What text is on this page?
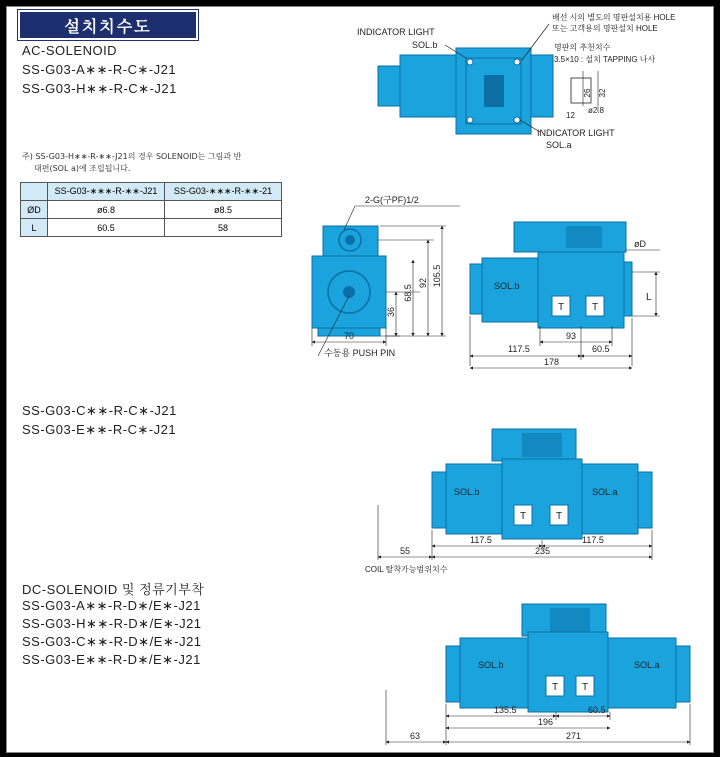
설치치수도
AC-SOLENOID
SS-G03-A∗∗-R-C∗-J21
SS-G03-H∗∗-R-C∗-J21
주) SS-G03-H∗∗-R-∗∗-J21의 경우 SOLENOID는 그림과 반
대편(SOL a)에 조립됩니다.
	SS-G03-∗∗∗-R-∗∗-J21	SS-G03-∗∗∗-R-∗∗-21
ØD	ø6.8	ø8.5
L	60.5	58
SS-G03-C∗∗-R-C∗-J21
SS-G03-E∗∗-R-C∗-J21
DC-SOLENOID 및 정류기부착
SS-G03-A∗∗-R-D∗/E∗-J21
SS-G03-H∗∗-R-D∗/E∗-J21
SS-G03-C∗∗-R-D∗/E∗-J21
SS-G03-E∗∗-R-D∗/E∗-J21
INDICATOR LIGHT
SOL.b
INDICATOR LIGHT
SOL.a
배선 시의 별도의 명판설치용 HOLE
또는 고객용의 명판설치 HOLE
명판의 추천치수
3.5×10 : 설치 TAPPING 나사
26 32
12
ø2.8
2-G(구PF)1/2
수동용 PUSH PIN
36
68.5
92 105.5
70
T	T
SOL.b
øD
L
93
117.5	60.5
178
T	T
SOL.b	SOL.a
117.5	117.5
55	235
COIL 탈착가능범위치수
T T
SOL.b	SOL.a
135.5	60.5
196
63	271
